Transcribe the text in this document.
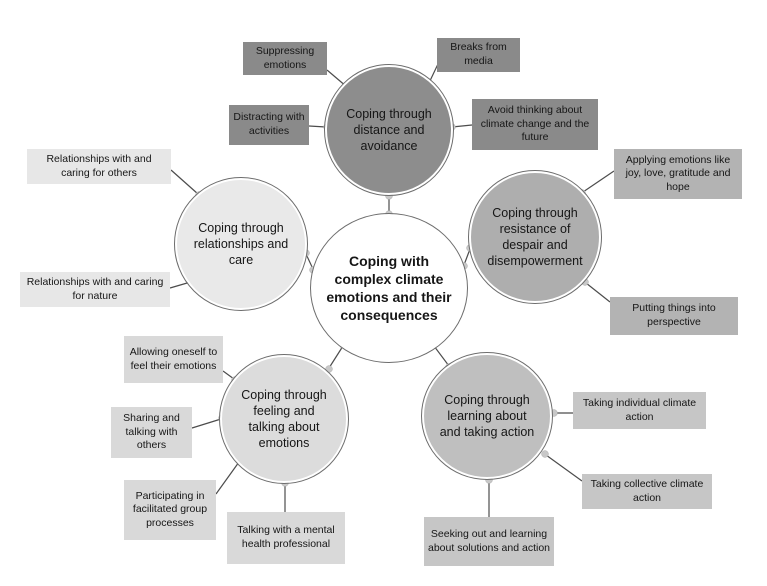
Coping with complex climate emotions and their consequences
Coping through distance and avoidance
Coping through resistance of despair and disempowerment
Coping through relationships and care
Coping through feeling and talking about emotions
Coping through learning about and taking action
Suppressing emotions
Breaks from media
Distracting with activities
Avoid thinking about climate change and the future
Applying emotions like joy, love, gratitude and hope
Putting things into perspective
Relationships with and caring for others
Relationships with and caring for nature
Allowing oneself to feel their emotions
Sharing and talking with others
Participating in facilitated group processes
Talking with a mental health professional
Taking individual climate action
Taking collective climate action
Seeking out and learning about solutions and action
